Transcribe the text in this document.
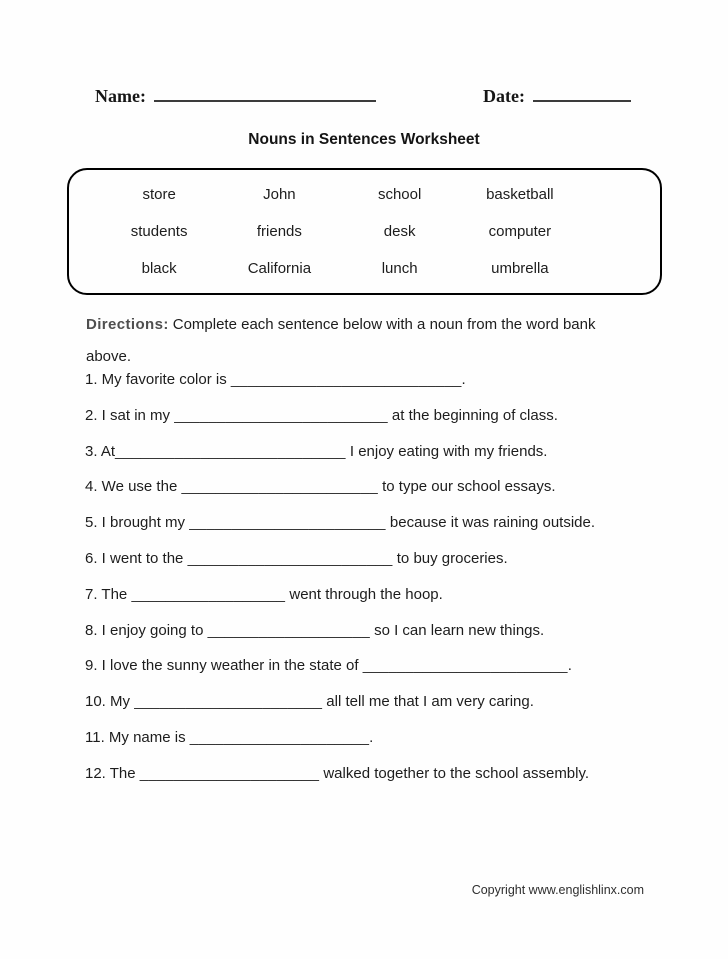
Name:	Date:
Nouns in Sentences Worksheet
store	John	school	basketball
students	friends	desk	computer
black	California	lunch	umbrella
Directions: Complete each sentence below with a noun from the word bank above.
1. My favorite color is ___________________________.
2. I sat in my _________________________ at the beginning of class.
3. At___________________________ I enjoy eating with my friends.
4. We use the _______________________ to type our school essays.
5. I brought my _______________________ because it was raining outside.
6. I went to the ________________________ to buy groceries.
7. The __________________ went through the hoop.
8. I enjoy going to ___________________ so I can learn new things.
9. I love the sunny weather in the state of ________________________.
10. My ______________________ all tell me that I am very caring.
11. My name is _____________________.
12. The _____________________ walked together to the school assembly.
Copyright www.englishlinx.com
